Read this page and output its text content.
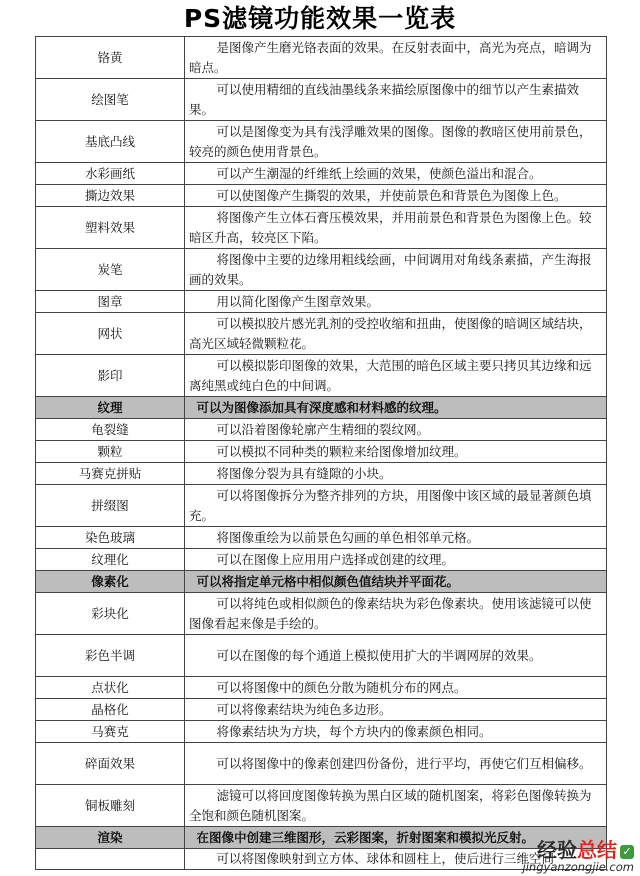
PS滤镜功能效果一览表
铬黄	是图像产生磨光铬表面的效果。在反射表面中，高光为亮点，暗调为暗点。
绘图笔	可以使用精细的直线油墨线条来描绘原图像中的细节以产生素描效果。
基底凸线	可以是图像变为具有浅浮雕效果的图像。图像的教暗区使用前景色，较亮的颜色使用背景色。
水彩画纸	可以产生潮湿的纤维纸上绘画的效果，使颜色溢出和混合。
撕边效果	可以使图像产生撕裂的效果，并使前景色和背景色为图像上色。
塑料效果	将图像产生立体石膏压模效果，并用前景色和背景色为图像上色。较暗区升高，较亮区下陷。
炭笔	将图像中主要的边缘用粗线绘画，中间调用对角线条素描，产生海报画的效果。
图章	用以简化图像产生图章效果。
网状	可以模拟胶片感光乳剂的受控收缩和扭曲，使图像的暗调区域结块，高光区域轻微颗粒花。
影印	可以模拟影印图像的效果，大范围的暗色区域主要只拷贝其边缘和远离纯黑或纯白色的中间调。
纹理	可以为图像添加具有深度感和材料感的纹理。
龟裂缝	可以沿着图像轮廓产生精细的裂纹网。
颗粒	可以模拟不同种类的颗粒来给图像增加纹理。
马赛克拼贴	将图像分裂为具有缝隙的小块。
拼缀图	可以将图像拆分为整齐排列的方块，用图像中该区域的最显著颜色填充。
染色玻璃	将图像重绘为以前景色勾画的单色相邻单元格。
纹理化	可以在图像上应用用户选择或创建的纹理。
像素化	可以将指定单元格中相似颜色值结块并平面花。
彩块化	可以将纯色或相似颜色的像素结块为彩色像素块。使用该滤镜可以使图像看起来像是手绘的。
彩色半调	可以在图像的每个通道上模拟使用扩大的半调网屏的效果。
点状化	可以将图像中的颜色分散为随机分布的网点。
晶格化	可以将像素结块为纯色多边形。
马赛克	将像素结块为方块，每个方块内的像素颜色相同。
碎面效果	可以将图像中的像素创建四份备份，进行平均，再使它们互相偏移。
铜板雕刻	滤镜可以将回度图像转换为黑白区域的随机图案，将彩色图像转换为全饱和颜色随机图案。
渲染	在图像中创建三维图形，云彩图案，折射图案和模拟光反射。
	可以将图像映射到立方体、球体和圆柱上，使后进行三维空间
经验总结 ✓
jingyanzongjie.com
